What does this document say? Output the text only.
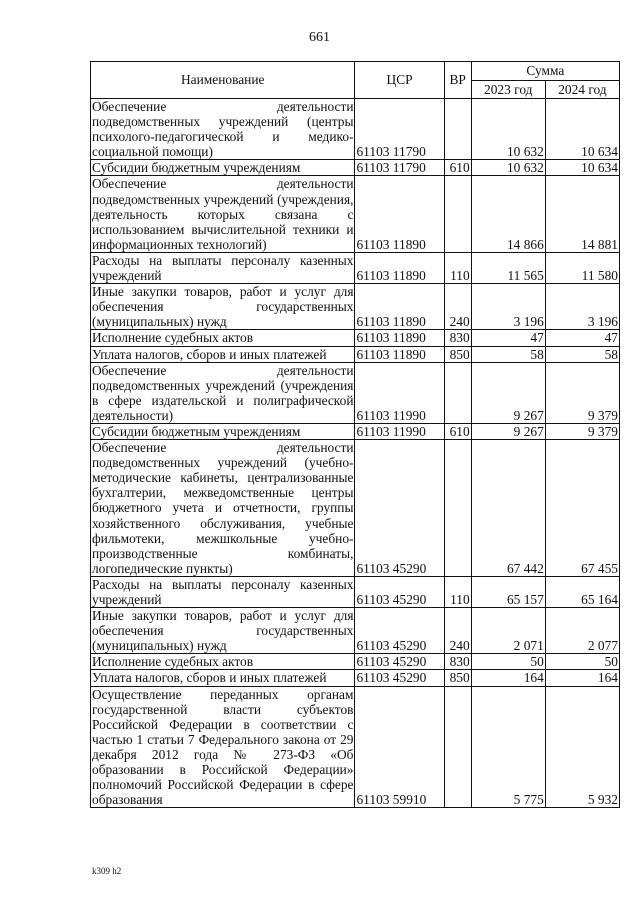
661
Наименование	ЦСР	ВР	Сумма	
			2023 год	2024 год
Обеспечение деятельности подведомственных учреждений (центры психолого-педагогической и медико-социальной помощи)	61103 11790		10 632	10 634
Субсидии бюджетным учреждениям	61103 11790	610	10 632	10 634
Обеспечение деятельности подведомственных учреждений (учреждения, деятельность которых связана с использованием вычислительной техники и информационных технологий)	61103 11890		14 866	14 881
Расходы на выплаты персоналу казенных учреждений	61103 11890	110	11 565	11 580
Иные закупки товаров, работ и услуг для обеспечения государственных (муниципальных) нужд	61103 11890	240	3 196	3 196
Исполнение судебных актов	61103 11890	830	47	47
Уплата налогов, сборов и иных платежей	61103 11890	850	58	58
Обеспечение деятельности подведомственных учреждений (учреждения в сфере издательской и полиграфической деятельности)	61103 11990		9 267	9 379
Субсидии бюджетным учреждениям	61103 11990	610	9 267	9 379
Обеспечение деятельности подведомственных учреждений (учебно-методические кабинеты, централизованные бухгалтерии, межведомственные центры бюджетного учета и отчетности, группы хозяйственного обслуживания, учебные фильмотеки, межшкольные учебно-производственные комбинаты, логопедические пункты)	61103 45290		67 442	67 455
Расходы на выплаты персоналу казенных учреждений	61103 45290	110	65 157	65 164
Иные закупки товаров, работ и услуг для обеспечения государственных (муниципальных) нужд	61103 45290	240	2 071	2 077
Исполнение судебных актов	61103 45290	830	50	50
Уплата налогов, сборов и иных платежей	61103 45290	850	164	164
Осуществление переданных органам государственной власти субъектов Российской Федерации в соответствии с частью 1 статьи 7 Федерального закона от 29 декабря 2012 года № 273-ФЗ «Об образовании в Российской Федерации» полномочий Российской Федерации в сфере образования	61103 59910		5 775	5 932
k309 h2
